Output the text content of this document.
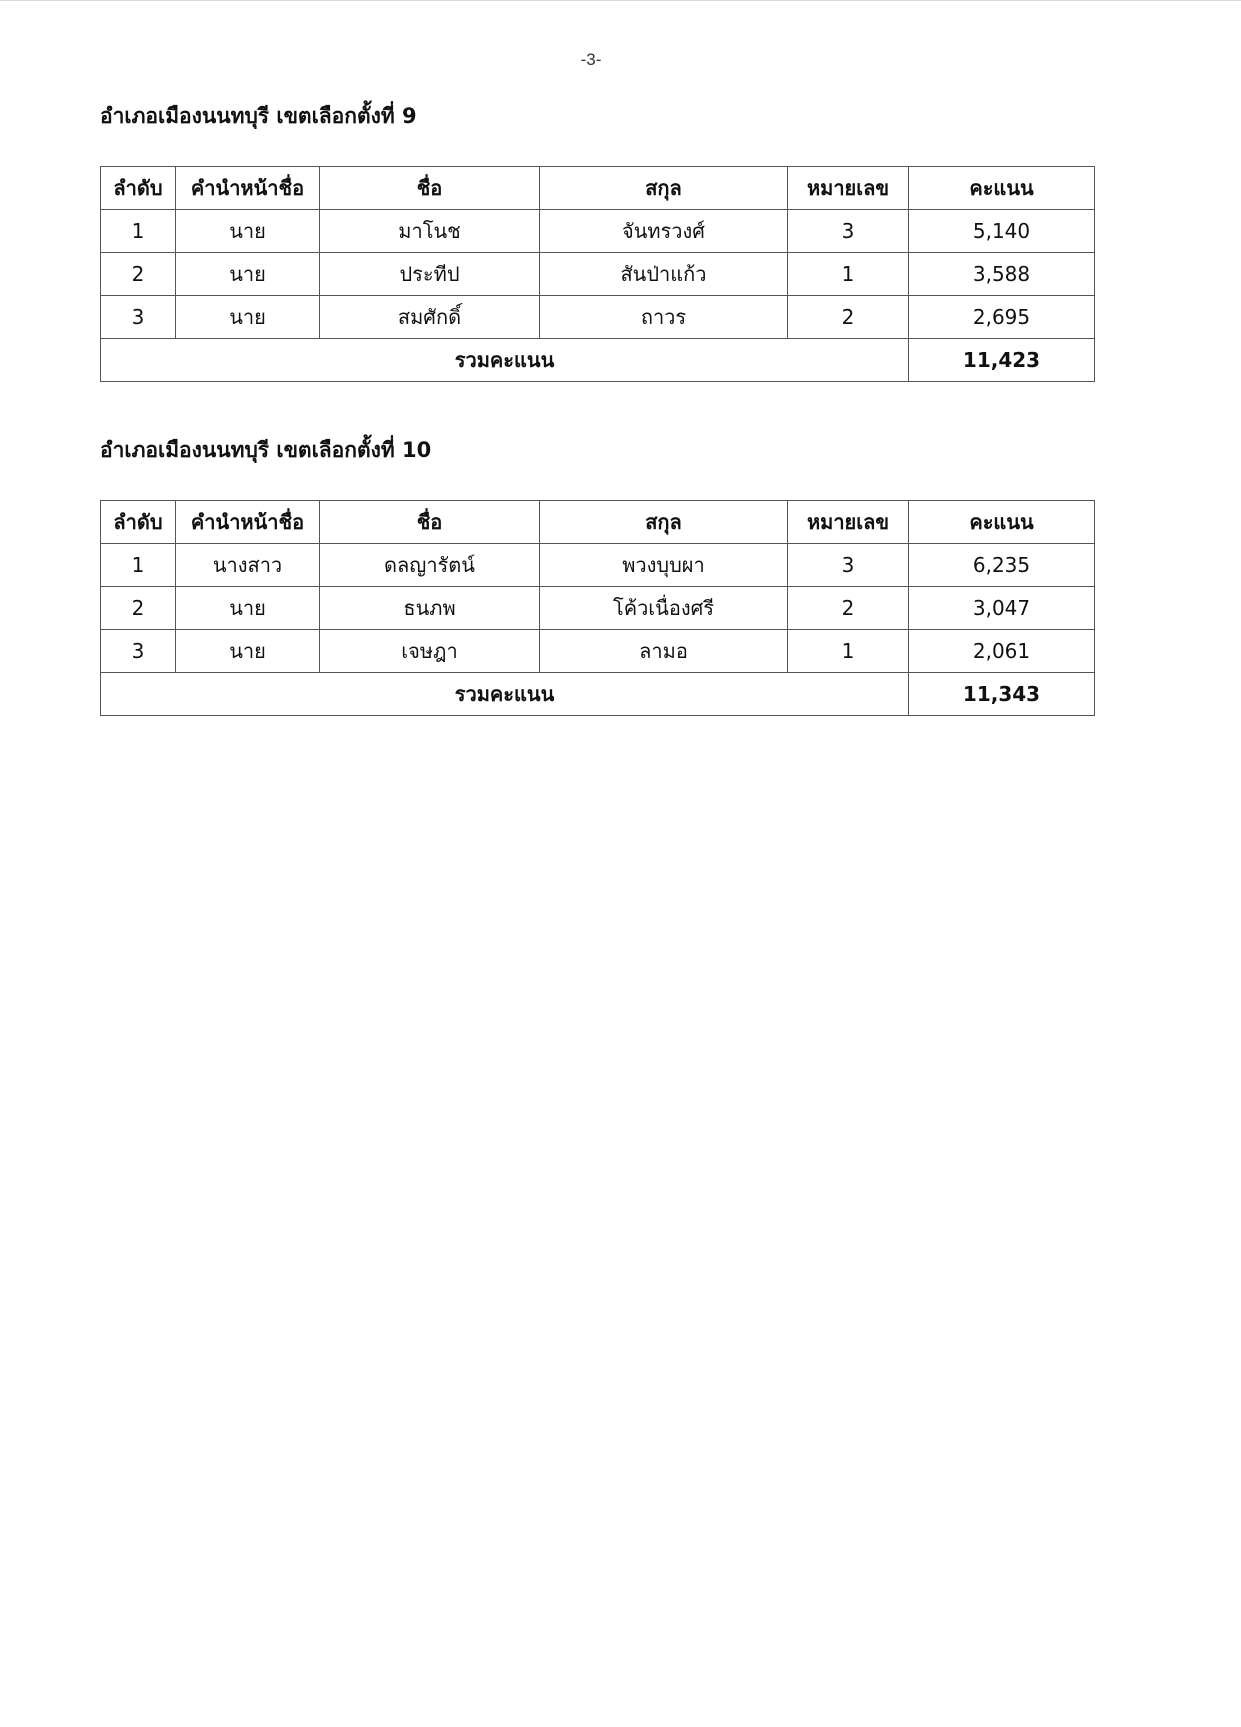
-3-
อำเภอเมืองนนทบุรี เขตเลือกตั้งที่ 9
ลำดับ	คำนำหน้าชื่อ	ชื่อ	สกุล	หมายเลข	คะแนน
1	นาย	มาโนช	จันทรวงศ์	3	5,140
2	นาย	ประทีป	สันป่าแก้ว	1	3,588
3	นาย	สมศักดิ์	ถาวร	2	2,695
รวมคะแนน					11,423
อำเภอเมืองนนทบุรี เขตเลือกตั้งที่ 10
ลำดับ	คำนำหน้าชื่อ	ชื่อ	สกุล	หมายเลข	คะแนน
1	นางสาว	ดลญารัตน์	พวงบุบผา	3	6,235
2	นาย	ธนภพ	โค้วเนื่องศรี	2	3,047
3	นาย	เจษฎา	ลามอ	1	2,061
รวมคะแนน					11,343
